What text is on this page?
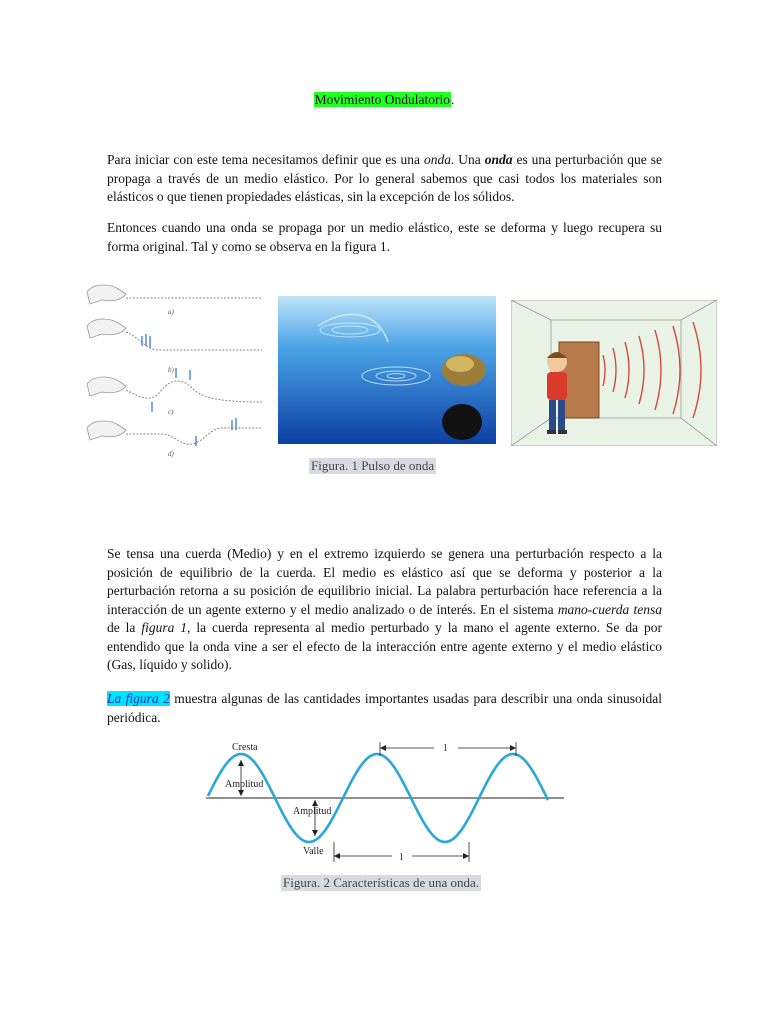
Movimiento Ondulatorio.

Para iniciar con este tema necesitamos definir que es una onda. Una onda es una perturbación que se propaga a través de un medio elástico. Por lo general sabemos que casi todos los materiales son elásticos o que tienen propiedades elásticas, sin la excepción de los sólidos.

Entonces cuando una onda se propaga por un medio elástico, este se deforma y luego recupera su forma original. Tal y como se observa en la figura 1.

a)
b)
c)
d)
Figura. 1 Pulso de onda

Se tensa una cuerda (Medio) y en el extremo izquierdo se genera una perturbación respecto a la posición de equilibrio de la cuerda. El medio es elástico así que se deforma y posterior a la perturbación retorna a su posición de equilibrio inicial. La palabra perturbación hace referencia a la interacción de un agente externo y el medio analizado o de interés. En el sistema mano-cuerda tensa de la figura 1, la cuerda representa al medio perturbado y la mano el agente externo. Se da por entendido que la onda vine a ser el efecto de la interacción entre agente externo y el medio elástico (Gas, líquido y solido).

La figura 2 muestra algunas de las cantidades importantes usadas para describir una onda sinusoidal periódica.

Cresta
Amplitud
Amplitud
Valle
l
l
Figura. 2 Características de una onda.
